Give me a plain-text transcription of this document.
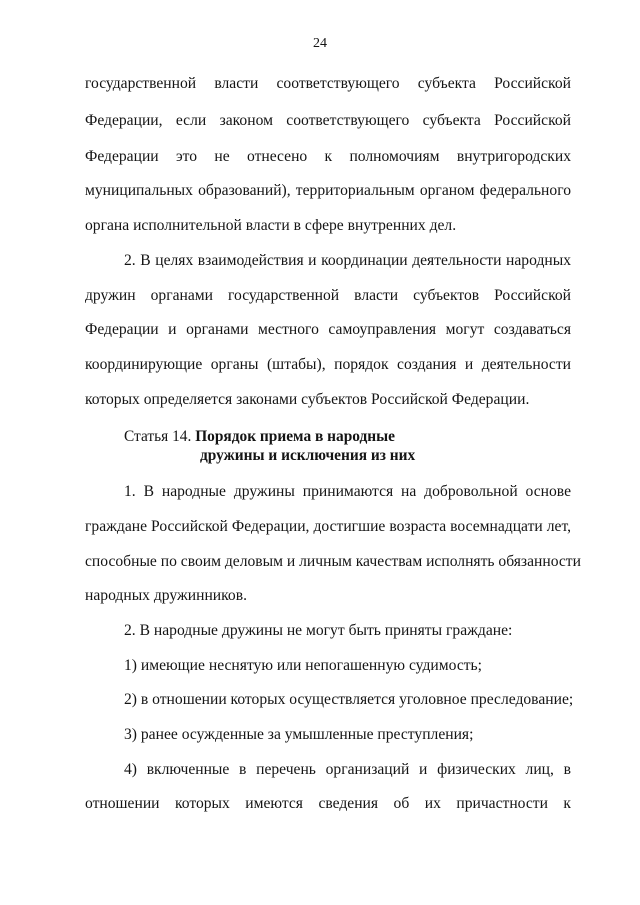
24
государственной власти соответствующего субъекта Российской
Федерации, если законом соответствующего субъекта Российской
Федерации это не отнесено к полномочиям внутригородских
муниципальных образований), территориальным органом федерального
органа исполнительной власти в сфере внутренних дел.
2. В целях взаимодействия и координации деятельности народных
дружин органами государственной власти субъектов Российской
Федерации и органами местного самоуправления могут создаваться
координирующие органы (штабы), порядок создания и деятельности
которых определяется законами субъектов Российской Федерации.
Статья 14. Порядок приема в народные
дружины и исключения из них
1. В народные дружины принимаются на добровольной основе
граждане Российской Федерации, достигшие возраста восемнадцати лет,
способные по своим деловым и личным качествам исполнять обязанности
народных дружинников.
2. В народные дружины не могут быть приняты граждане:
1) имеющие неснятую или непогашенную судимость;
2) в отношении которых осуществляется уголовное преследование;
3) ранее осужденные за умышленные преступления;
4) включенные в перечень организаций и физических лиц, в
отношении которых имеются сведения об их причастности к
